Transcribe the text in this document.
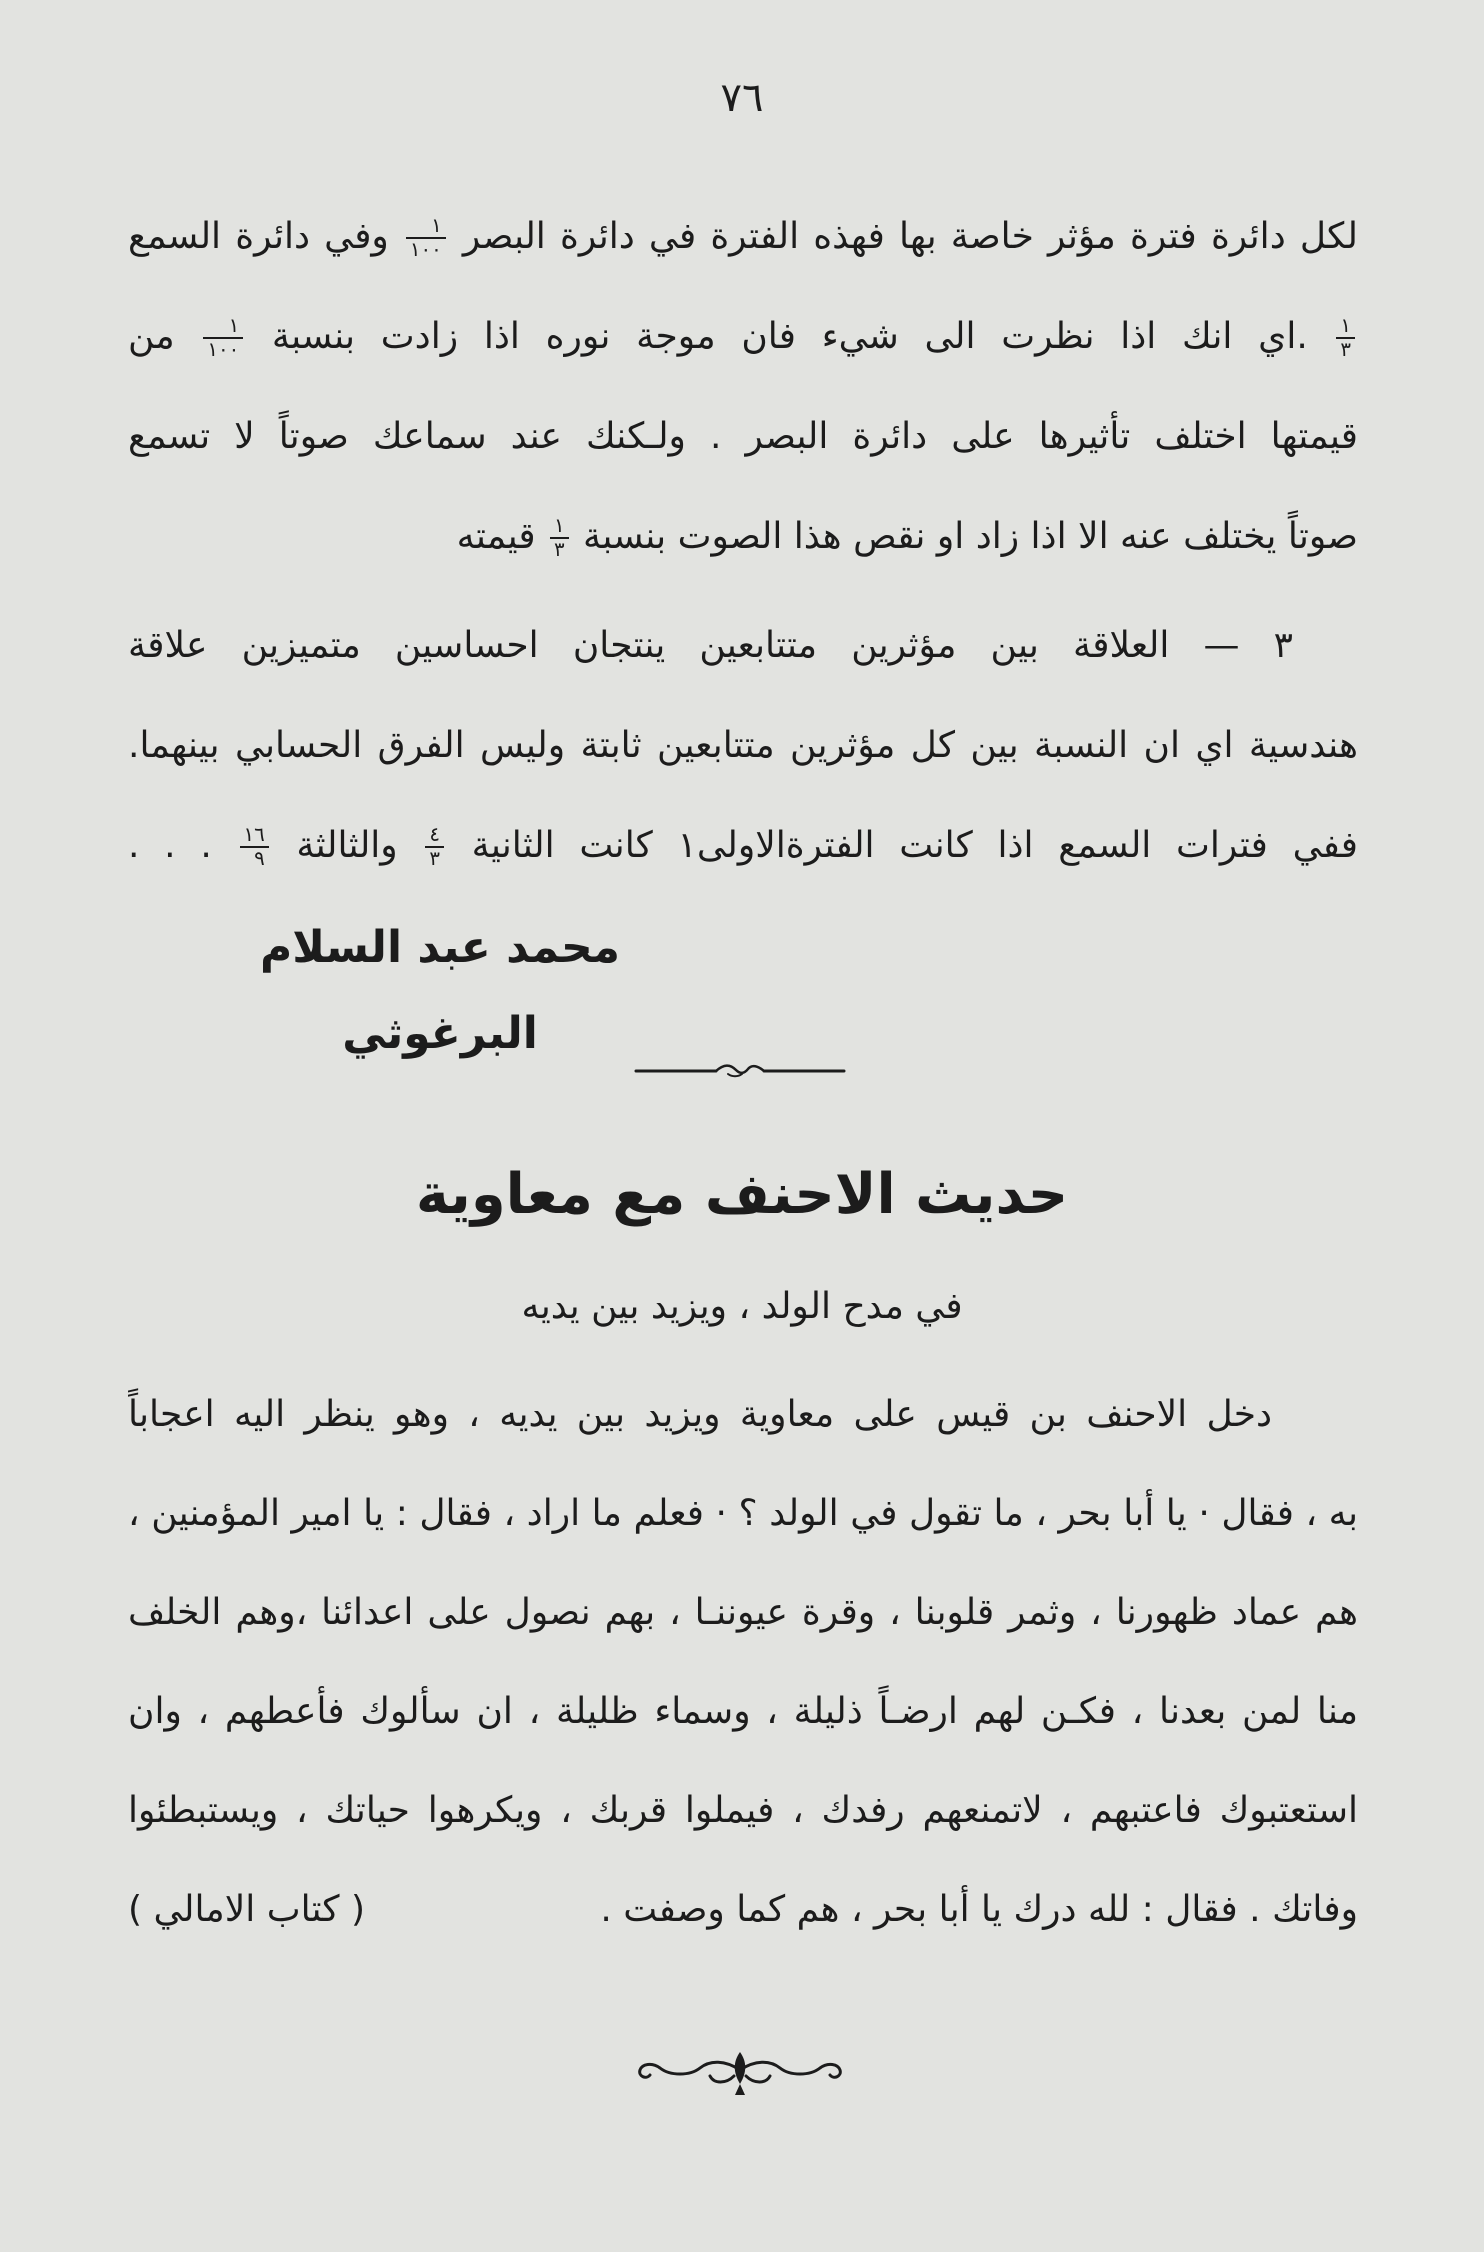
٧٦
لكل دائرة فترة مؤثر خاصة بها فهذه الفترة في دائرة البصر
$\frac{١}{١٠٠}$
وفي دائرة السمع
$\frac{١}{٣}$
.اي انك اذا نظرت الى شيء فان موجة نوره اذا زادت بنسبة
$\frac{١}{١٠٠}$
من
قيمتها اختلف تأثيرها على دائرة البصر . ولـكنك عند سماعك صوتاً لا تسمع
صوتاً يختلف عنه الا اذا زاد او نقص هذا الصوت بنسبة
$\frac{١}{٣}$
قيمته
٣ — العلاقة بين مؤثرين متتابعين ينتجان احساسين متميزين علاقة
هندسية اي ان النسبة بين كل مؤثرين متتابعين ثابتة وليس الفرق الحسابي بينهما.
ففي فترات السمع اذا كانت الفترةالاولى١ كانت الثانية
$\frac{٤}{٣}$
والثالثة
$\frac{١٦}{٩}$
. . .
محمد عبد السلام البرغوثي
حديث الاحنف مع معاوية
في مدح الولد ، ويزيد بين يديه
دخل الاحنف بن قيس على معاوية ويزيد بين يديه ، وهو ينظر اليه اعجاباً
به ، فقال · يا أبا بحر ، ما تقول في الولد ؟ · فعلم ما اراد ، فقال : يا امير المؤمنين ،
هم عماد ظهورنا ، وثمر قلوبنا ، وقرة عيوننـا ، بهم نصول على اعدائنا ،وهم الخلف
منا لمن بعدنا ، فكـن لهم ارضـاً ذليلة ، وسماء ظليلة ، ان سألوك فأعطهم ، وان
استعتبوك فاعتبهم ، لاتمنعهم رفدك ، فيملوا قربك ، ويكرهوا حياتك ، ويستبطئوا
وفاتك . فقال : لله درك يا أبا بحر ، هم كما وصفت .
( كتاب الامالي )
